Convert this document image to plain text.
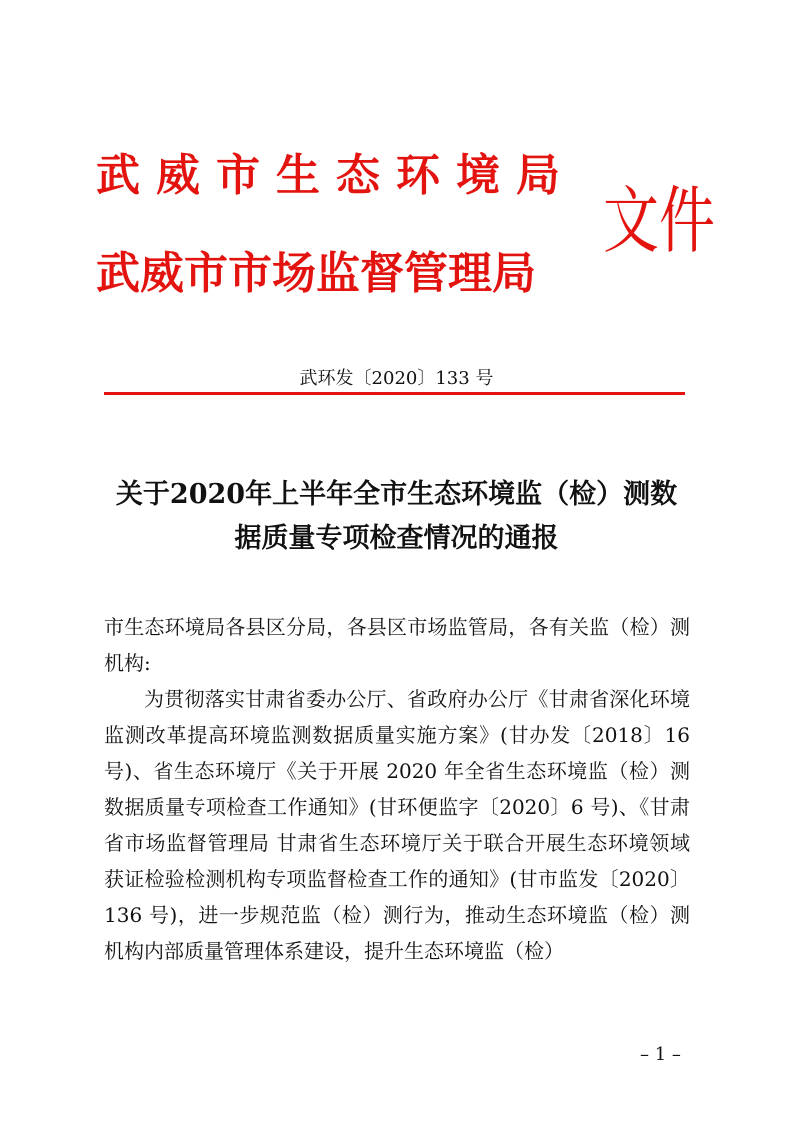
武威市生态环境局
武威市市场监督管理局
文件
武环发〔2020〕133 号
关于2020年上半年全市生态环境监（检）测数
据质量专项检查情况的通报

市生态环境局各县区分局，各县区市场监管局，各有关监（检）测机构:

为贯彻落实甘肃省委办公厅、省政府办公厅《甘肃省深化环境监测改革提高环境监测数据质量实施方案》(甘办发〔2018〕16 号)、省生态环境厅《关于开展 2020 年全省生态环境监（检）测数据质量专项检查工作通知》(甘环便监字〔2020〕6 号)、《甘肃省市场监督管理局 甘肃省生态环境厅关于联合开展生态环境领域获证检验检测机构专项监督检查工作的通知》(甘市监发〔2020〕136 号)，进一步规范监（检）测行为，推动生态环境监（检）测机构内部质量管理体系建设，提升生态环境监（检）

– 1 –
